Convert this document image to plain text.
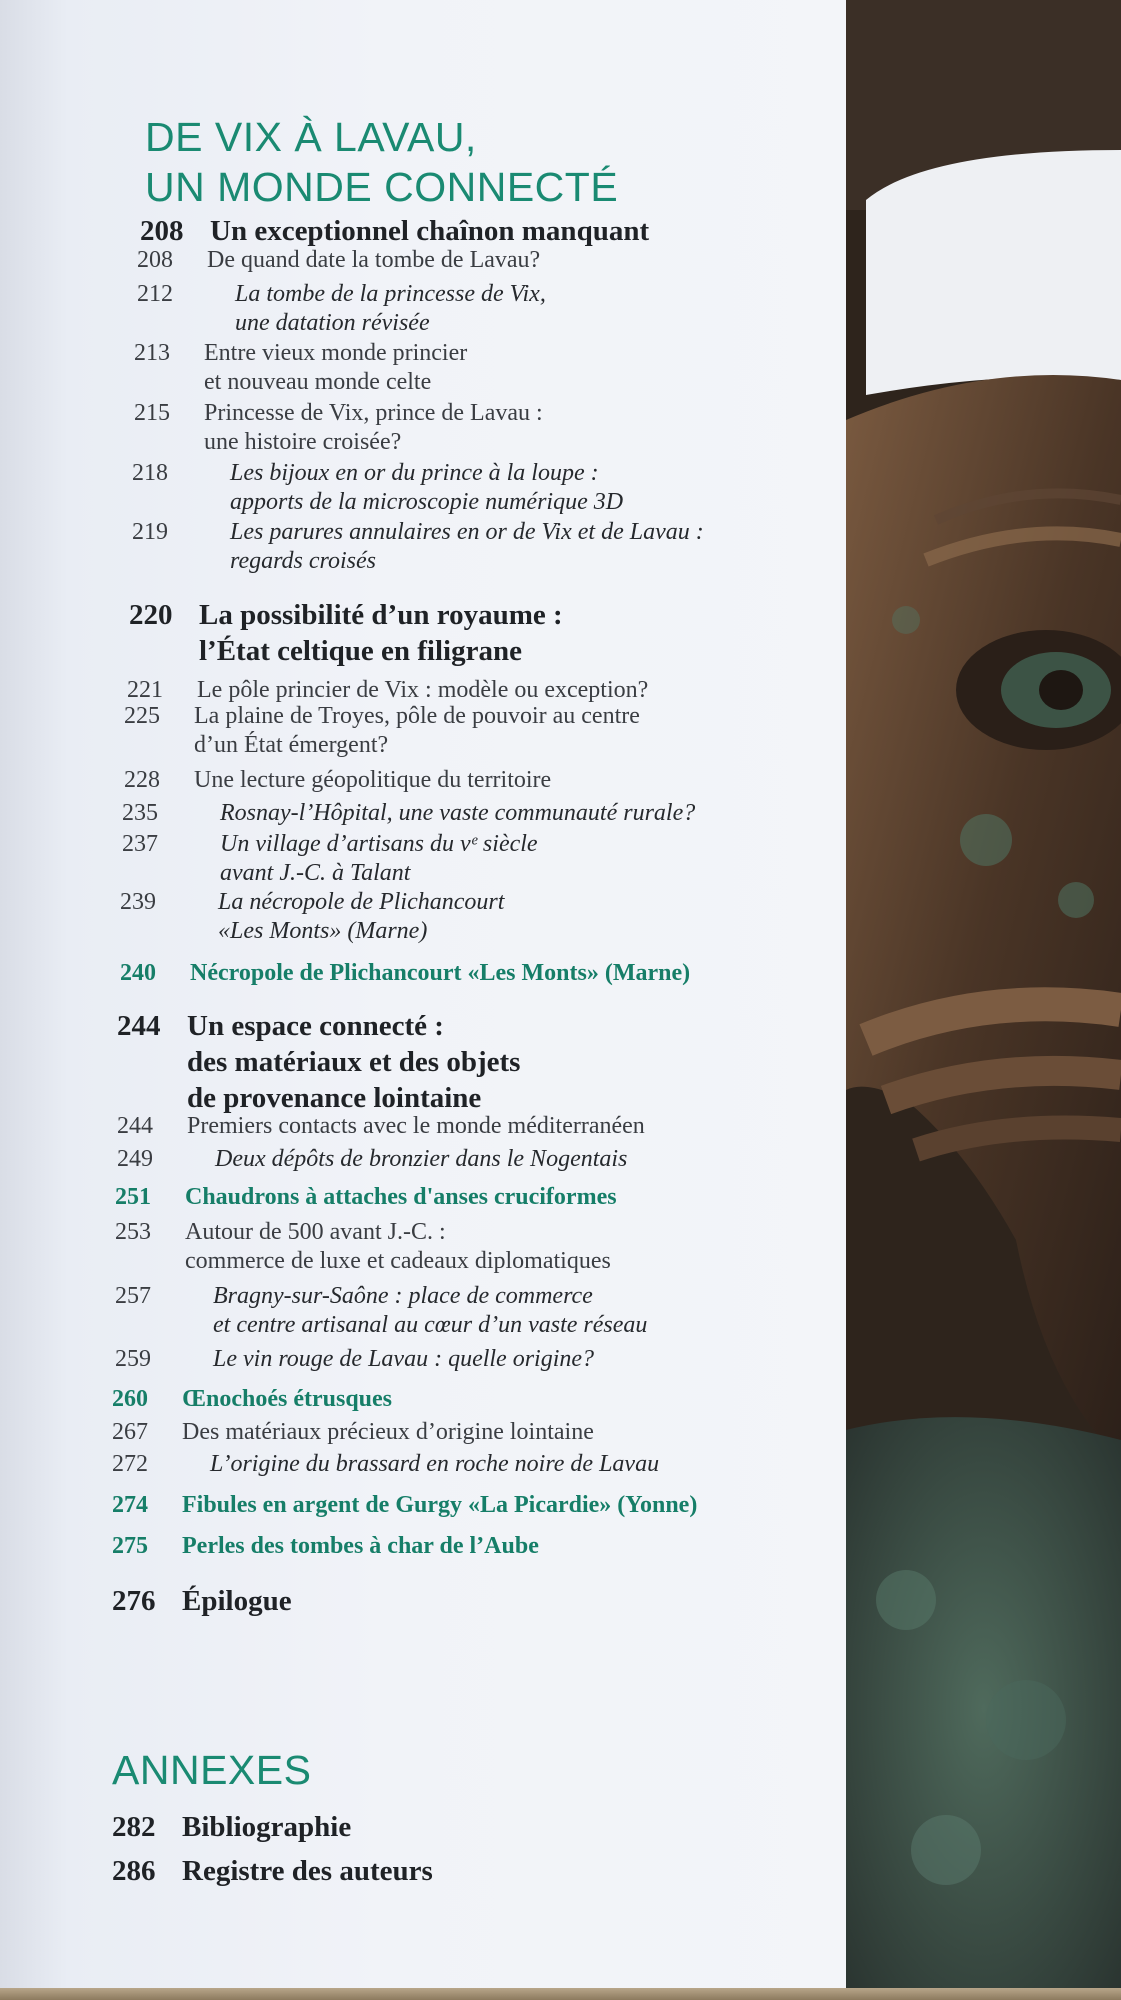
DE VIX À LAVAU,
UN MONDE CONNECTÉ
208 Un exceptionnel chaînon manquant
208 De quand date la tombe de Lavau?
212	La tombe de la princesse de Vix,
une datation révisée
213 Entre vieux monde princier
et nouveau monde celte
215 Princesse de Vix, prince de Lavau :
une histoire croisée?
218	Les bijoux en or du prince à la loupe :
apports de la microscopie numérique 3D
219	Les parures annulaires en or de Vix et de Lavau :
regards croisés
220 La possibilité d’un royaume :
l’État celtique en filigrane
221 Le pôle princier de Vix : modèle ou exception?
225 La plaine de Troyes, pôle de pouvoir au centre
d’un État émergent?
228 Une lecture géopolitique du territoire
235	Rosnay-l’Hôpital, une vaste communauté rurale?
237	Un village d’artisans du vᵉ siècle
avant J.-C. à Talant
239	La nécropole de Plichancourt
«Les Monts» (Marne)
240 Nécropole de Plichancourt «Les Monts» (Marne)
244 Un espace connecté :
des matériaux et des objets
de provenance lointaine
244 Premiers contacts avec le monde méditerranéen
249	Deux dépôts de bronzier dans le Nogentais
251 Chaudrons à attaches d'anses cruciformes
253 Autour de 500 avant J.-C. :
commerce de luxe et cadeaux diplomatiques
257	Bragny-sur-Saône : place de commerce
et centre artisanal au cœur d’un vaste réseau
259	Le vin rouge de Lavau : quelle origine?
260 Œnochoés étrusques
267 Des matériaux précieux d’origine lointaine
272	L’origine du brassard en roche noire de Lavau
274 Fibules en argent de Gurgy «La Picardie» (Yonne)
275 Perles des tombes à char de l’Aube
276 Épilogue
ANNEXES
282 Bibliographie
286 Registre des auteurs
